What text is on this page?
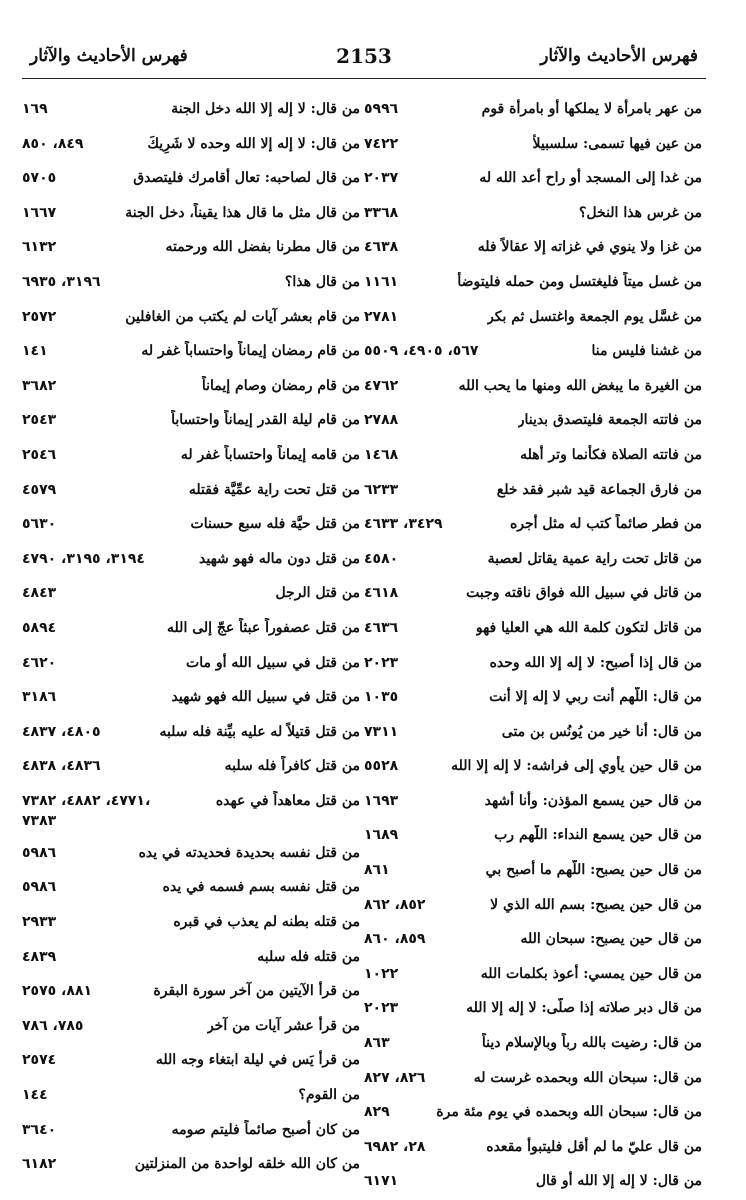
فهرس الأحاديث والآثار	2153	فهرس الأحاديث والآثار
من عهر بامرأة لا يملكها أو بامرأة قوم
٥٩٩٦
من عين فيها تسمى: سلسبيلاً
٧٤٢٢
من غدا إلى المسجد أو راح أعد الله له
٢٠٣٧
من غرس هذا النخل؟
٣٣٦٨
من غزا ولا ينوي في غزاته إلا عقالاً فله
٤٦٣٨
من غسل ميتاً فليغتسل ومن حمله فليتوضأ
١١٦١
من غسَّل يوم الجمعة واغتسل ثم بكر
٢٧٨١
من غشنا فليس منا
٥٦٧، ٤٩٠٥، ٥٥٠٩
من الغيرة ما يبغض الله ومنها ما يحب الله
٤٧٦٢
من فاتته الجمعة فليتصدق بدينار
٢٧٨٨
من فاتته الصلاة فكأنما وتر أهله
١٤٦٨
من فارق الجماعة قيد شبر فقد خلع
٦٢٣٣
من فطر صائماً كتب له مثل أجره
٣٤٢٩، ٤٦٣٣
من قاتل تحت راية عمية يقاتل لعصبة
٤٥٨٠
من قاتل في سبيل الله فواق ناقته وجبت
٤٦١٨
من قاتل لتكون كلمة الله هي العليا فهو
٤٦٣٦
من قال إذا أصبح: لا إله إلا الله وحده
٢٠٢٣
من قال: اللّهم أنت ربي لا إله إلا أنت
١٠٣٥
من قال: أنا خير من يُونُس بن متى
٧٣١١
من قال حين يأوي إلى فراشه: لا إله إلا الله
٥٥٢٨
من قال حين يسمع المؤذن: وأنا أشهد
١٦٩٣
من قال حين يسمع النداء: اللّهم رب
١٦٨٩
من قال حين يصبح: اللّهم ما أصبح بي
٨٦١
من قال حين يصبح: بسم الله الذي لا
٨٥٢، ٨٦٢
من قال حين يصبح: سبحان الله
٨٥٩، ٨٦٠
من قال حين يمسي: أعوذ بكلمات الله
١٠٢٢
من قال دبر صلاته إذا صلّى: لا إله إلا الله
٢٠٢٣
من قال: رضيت بالله رباً وبالإسلام ديناً
٨٦٣
من قال: سبحان الله وبحمده غرست له
٨٢٦، ٨٢٧
من قال: سبحان الله وبحمده في يوم مئة مرة
٨٢٩
من قال عليّ ما لم أقل فليتبوأ مقعده
٢٨، ٦٩٨٢
من قال: لا إله إلا الله أو قال
٦١٧١
من قال: لا إله إلا الله دخل الجنة
١٦٩
من قال: لا إله إلا الله وحده لا شَرِيكَ
٨٤٩، ٨٥٠
من قال لصاحبه: تعال أقامرك فليتصدق
٥٧٠٥
من قال مثل ما قال هذا يقيناً، دخل الجنة
١٦٦٧
من قال مطرنا بفضل الله ورحمته
٦١٣٢
من قال هذا؟
٣١٩٦، ٦٩٣٥
من قام بعشر آيات لم يكتب من الغافلين
٢٥٧٢
من قام رمضان إيماناً واحتساباً غفر له
١٤١
من قام رمضان وصام إيماناً
٣٦٨٢
من قام ليلة القدر إيماناً واحتساباً
٢٥٤٣
من قامه إيماناً واحتساباً غفر له
٢٥٤٦
من قتل تحت راية عمِّيَّة فقتله
٤٥٧٩
من قتل حيَّة فله سبع حسنات
٥٦٣٠
من قتل دون ماله فهو شهيد
٣١٩٤، ٣١٩٥، ٤٧٩٠
من قتل الرجل
٤٨٤٣
من قتل عصفوراً عبثاً عجّ إلى الله
٥٨٩٤
من قتل في سبيل الله أو مات
٤٦٢٠
من قتل في سبيل الله فهو شهيد
٣١٨٦
من قتل قتيلاً له عليه بيِّنة فله سلبه
٤٨٠٥، ٤٨٣٧
من قتل كافراً فله سلبه
٤٨٣٦، ٤٨٣٨
من قتل معاهداً في عهده
٤٧٧١، ٤٨٨٢، ٧٣٨٢،
٧٣٨٣
من قتل نفسه بحديدة فحديدته في يده
٥٩٨٦
من قتل نفسه بسم فسمه في يده
٥٩٨٦
من قتله بطنه لم يعذب في قبره
٢٩٣٣
من قتله فله سلبه
٤٨٣٩
من قرأ الآيتين من آخر سورة البقرة
٨٨١، ٢٥٧٥
من قرأ عشر آيات من آخر
٧٨٥، ٧٨٦
من قرأ يَس في ليلة ابتغاء وجه الله
٢٥٧٤
من القوم؟
١٤٤
من كان أصبح صائماً فليتم صومه
٣٦٤٠
من كان الله خلقه لواحدة من المنزلتين
٦١٨٢
